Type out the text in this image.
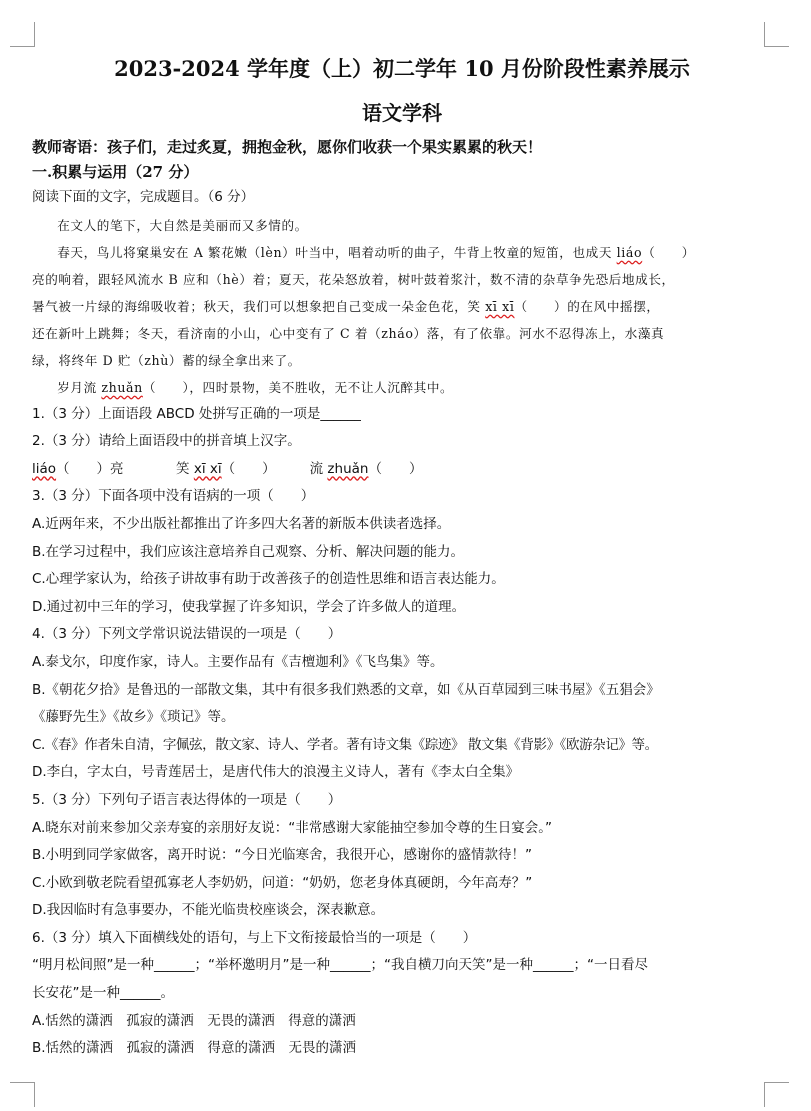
2023-2024 学年度（上）初二学年 10 月份阶段性素养展示
语文学科
教师寄语：孩子们，走过炙夏，拥抱金秋，愿你们收获一个果实累累的秋天！
一.积累与运用（27 分）
阅读下面的文字，完成题目。（6 分）

在文人的笔下，大自然是美丽而又多情的。

春天，鸟儿将窠巢安在 A 繁花嫩（lèn）叶当中，唱着动听的曲子，牛背上牧童的短笛，也成天 liáo（　　）

亮的响着，跟轻风流水 B 应和（hè）着；夏天，花朵怒放着，树叶鼓着浆汁，数不清的杂草争先恐后地成长，
暑气被一片绿的海绵吸收着；秋天，我们可以想象把自己变成一朵金色花，笑 xī xī（　　）的在风中摇摆，
还在新叶上跳舞；冬天，看济南的小山，心中变有了 C 着（zháo）落，有了依靠。河水不忍得冻上，水藻真
绿，将终年 D 贮（zhù）蓄的绿全拿出来了。

岁月流 zhuǎn（　　），四时景物，美不胜收，无不让人沉醉其中。

1.（3 分）上面语段 ABCD 处拼写正确的一项是______
2.（3 分）请给上面语段中的拼音填上汉字。
liáo（　　）亮	笑 xī xī（　　）	流 zhuǎn（　　）
3.（3 分）下面各项中没有语病的一项（　　）
A.近两年来，不少出版社都推出了许多四大名著的新版本供读者选择。
B.在学习过程中，我们应该注意培养自己观察、分析、解决问题的能力。
C.心理学家认为，给孩子讲故事有助于改善孩子的创造性思维和语言表达能力。
D.通过初中三年的学习，使我掌握了许多知识，学会了许多做人的道理。
4.（3 分）下列文学常识说法错误的一项是（　　）
A.泰戈尔，印度作家，诗人。主要作品有《吉檀迦利》《飞鸟集》等。
B.《朝花夕拾》是鲁迅的一部散文集，其中有很多我们熟悉的文章，如《从百草园到三味书屋》《五猖会》
《藤野先生》《故乡》《琐记》等。
C.《春》作者朱自清，字佩弦，散文家、诗人、学者。著有诗文集《踪迹》 散文集《背影》《欧游杂记》等。
D.李白，字太白，号青莲居士，是唐代伟大的浪漫主义诗人，著有《李太白全集》
5.（3 分）下列句子语言表达得体的一项是（　　）
A.晓东对前来参加父亲寿宴的亲朋好友说：“非常感谢大家能抽空参加令尊的生日宴会。”
B.小明到同学家做客，离开时说：“今日光临寒舍，我很开心，感谢你的盛情款待！”
C.小欧到敬老院看望孤寡老人李奶奶，问道：“奶奶，您老身体真硬朗，今年高寿？”
D.我因临时有急事要办，不能光临贵校座谈会，深表歉意。
6.（3 分）填入下面横线处的语句，与上下文衔接最恰当的一项是（　　）
“明月松间照”是一种______；“举杯邀明月”是一种______；“我自横刀向天笑”是一种______；“一日看尽
长安花”是一种______。
A.恬然的潇洒　孤寂的潇洒　无畏的潇洒　得意的潇洒
B.恬然的潇洒　孤寂的潇洒　得意的潇洒　无畏的潇洒
